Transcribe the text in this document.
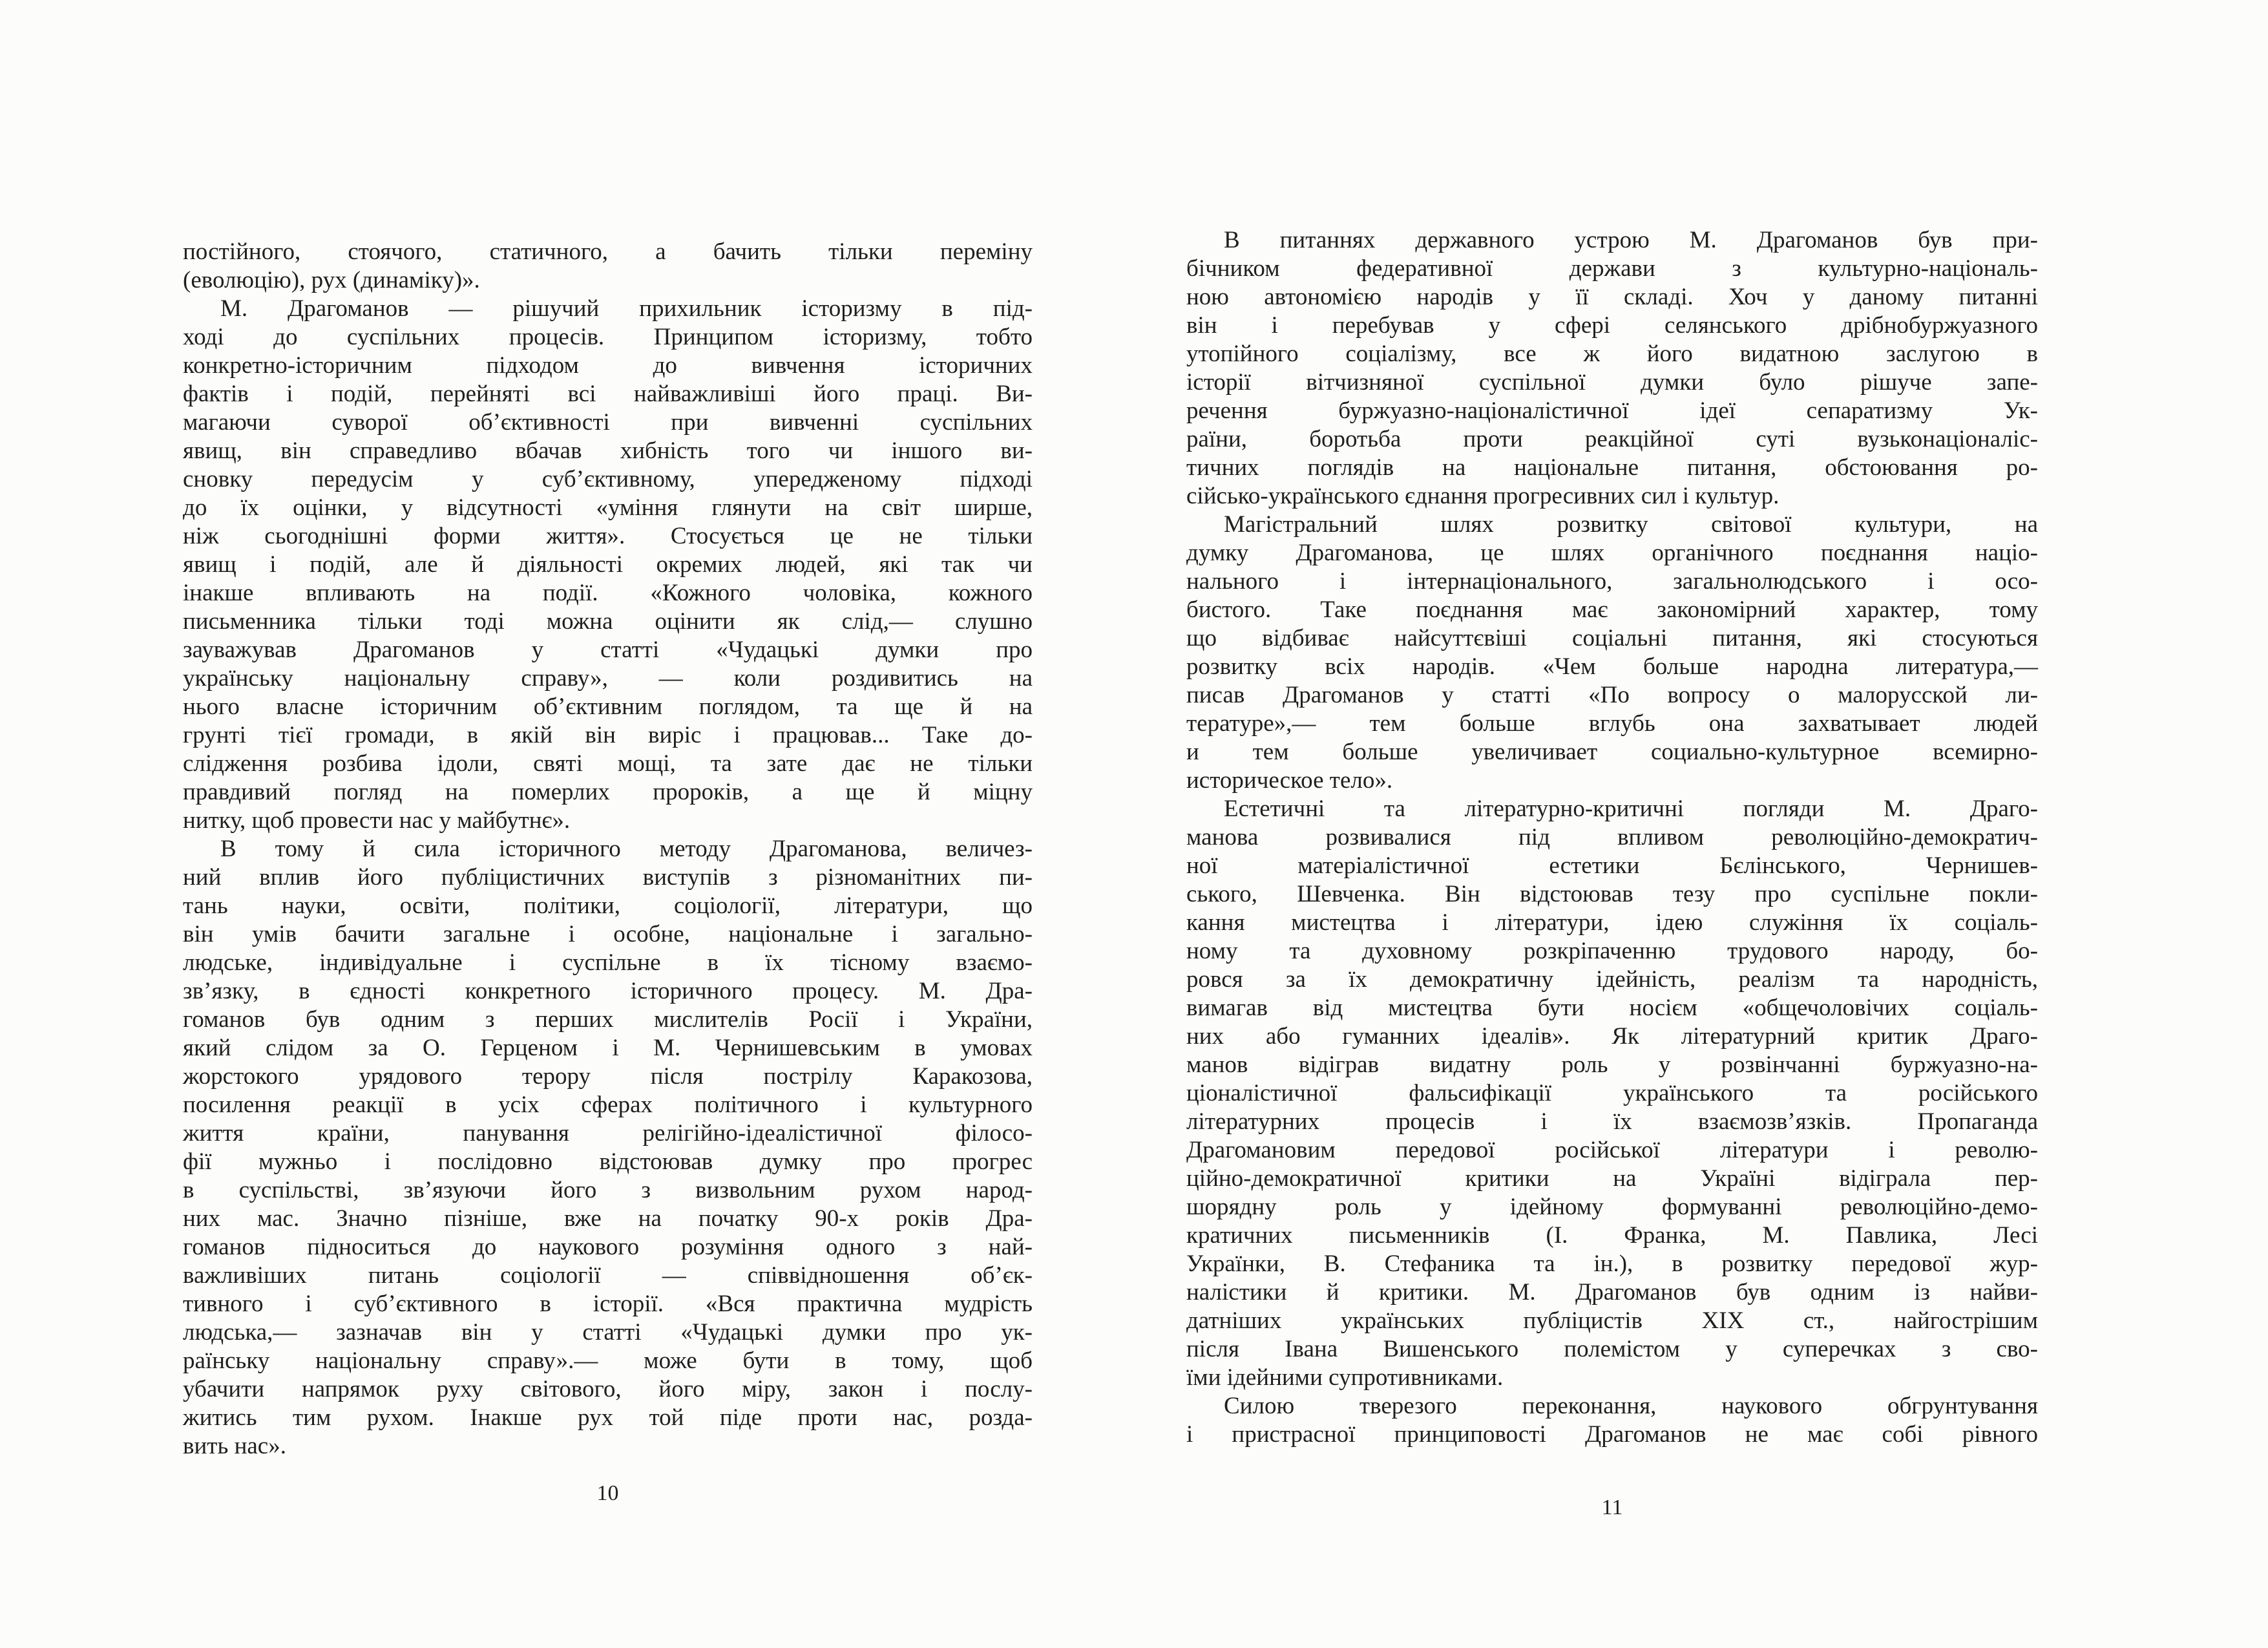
постійного, стоячого, статичного, а бачить тільки переміну
(еволюцію), рух (динаміку)».
М. Драгоманов — рішучий прихильник історизму в під-
ході до суспільних процесів. Принципом історизму, тобто
конкретно-історичним підходом до вивчення історичних
фактів і подій, перейняті всі найважливіші його праці. Ви-
магаючи суворої об’єктивності при вивченні суспільних
явищ, він справедливо вбачав хибність того чи іншого ви-
сновку передусім у суб’єктивному, упередженому підході
до їх оцінки, у відсутності «уміння глянути на світ ширше,
ніж сьогоднішні форми життя». Стосується це не тільки
явищ і подій, але й діяльності окремих людей, які так чи
інакше впливають на події. «Кожного чоловіка, кожного
письменника тільки тоді можна оцінити як слід,— слушно
зауважував Драгоманов у статті «Чудацькі думки про
українську національну справу», — коли роздивитись на
нього власне історичним об’єктивним поглядом, та ще й на
грунті тієї громади, в якій він виріс і працював... Таке до-
слідження розбива ідоли, святі мощі, та зате дає не тільки
правдивий погляд на померлих пророків, а ще й міцну
нитку, щоб провести нас у майбутнє».
В тому й сила історичного методу Драгоманова, величез-
ний вплив його публіцистичних виступів з різноманітних пи-
тань науки, освіти, політики, соціології, літератури, що
він умів бачити загальне і особне, національне і загально-
людське, індивідуальне і суспільне в їх тісному взаємо-
зв’язку, в єдності конкретного історичного процесу. М. Дра-
гоманов був одним з перших мислителів Росії і України,
який слідом за О. Герценом і М. Чернишевським в умовах
жорстокого урядового терору після пострілу Каракозова,
посилення реакції в усіх сферах політичного і культурного
життя країни, панування релігійно-ідеалістичної філосо-
фії мужньо і послідовно відстоював думку про прогрес
в суспільстві, зв’язуючи його з визвольним рухом народ-
них мас. Значно пізніше, вже на початку 90-х років Дра-
гоманов підноситься до наукового розуміння одного з най-
важливіших питань соціології — співвідношення об’єк-
тивного і суб’єктивного в історії. «Вся практична мудрість
людська,— зазначав він у статті «Чудацькі думки про ук-
раїнську національну справу».— може бути в тому, щоб
убачити напрямок руху світового, його міру, закон і послу-
житись тим рухом. Інакше рух той піде проти нас, розда-
вить нас».
10
В питаннях державного устрою М. Драгоманов був при-
бічником федеративної держави з культурно-національ-
ною автономією народів у її складі. Хоч у даному питанні
він і перебував у сфері селянського дрібнобуржуазного
утопійного соціалізму, все ж його видатною заслугою в
історії вітчизняної суспільної думки було рішуче запе-
речення буржуазно-націоналістичної ідеї сепаратизму Ук-
раїни, боротьба проти реакційної суті вузьконаціоналіс-
тичних поглядів на національне питання, обстоювання ро-
сійсько-українського єднання прогресивних сил і культур.
Магістральний шлях розвитку світової культури, на
думку Драгоманова, це шлях органічного поєднання націо-
нального і інтернаціонального, загальнолюдського і осо-
бистого. Таке поєднання має закономірний характер, тому
що відбиває найсуттєвіші соціальні питання, які стосуються
розвитку всіх народів. «Чем больше народна литература,—
писав Драгоманов у статті «По вопросу о малорусской ли-
тературе»,— тем больше вглубь она захватывает людей
и тем больше увеличивает социально-культурное всемирно-
историческое тело».
Естетичні та літературно-критичні погляди М. Драго-
манова розвивалися під впливом революційно-демократич-
ної матеріалістичної естетики Бєлінського, Чернишев-
ського, Шевченка. Він відстоював тезу про суспільне покли-
кання мистецтва і літератури, ідею служіння їх соціаль-
ному та духовному розкріпаченню трудового народу, бо-
ровся за їх демократичну ідейність, реалізм та народність,
вимагав від мистецтва бути носієм «общечоловічих соціаль-
них або гуманних ідеалів». Як літературний критик Драго-
манов відіграв видатну роль у розвінчанні буржуазно-на-
ціоналістичної фальсифікації українського та російського
літературних процесів і їх взаємозв’язків. Пропаганда
Драгомановим передової російської літератури і револю-
ційно-демократичної критики на Україні відіграла пер-
шорядну роль у ідейному формуванні революційно-демо-
кратичних письменників (І. Франка, М. Павлика, Лесі
Українки, В. Стефаника та ін.), в розвитку передової жур-
налістики й критики. М. Драгоманов був одним із найви-
датніших українських публіцистів XIX ст., найгострішим
після Івана Вишенського полемістом у суперечках з сво-
їми ідейними супротивниками.
Силою тверезого переконання, наукового обгрунтування
і пристрасної принциповості Драгоманов не має собі рівного
11
